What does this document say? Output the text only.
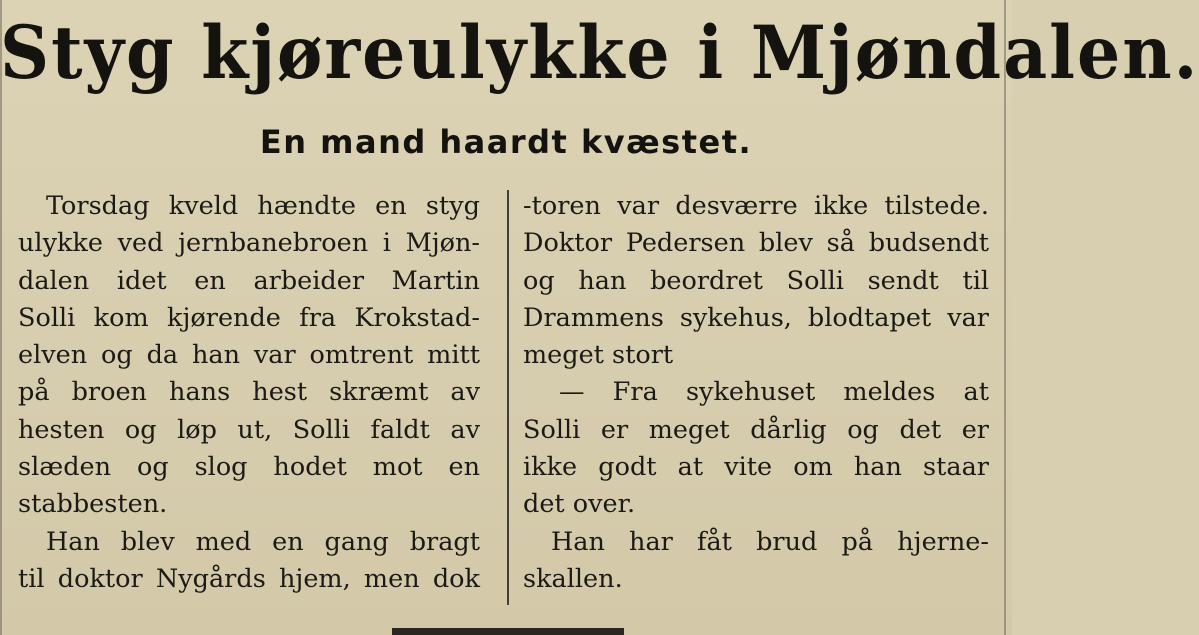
Styg kjøreulykke i Mjøndalen.
En mand haardt kvæstet.
Torsdag kveld hændte en styg
ulykke ved jernbanebroen i Mjøn-
dalen idet en arbeider Martin
Solli kom kjørende fra Krokstad-
elven og da han var omtrent mitt
på broen hans hest skræmt av
hesten og løp ut, Solli faldt av
slæden og slog hodet mot en
stabbesten.
Han blev med en gang bragt
til doktor Nygårds hjem, men dok
-toren var desværre ikke tilstede.
Doktor Pedersen blev så budsendt
og han beordret Solli sendt til
Drammens sykehus, blodtapet var
meget stort
— Fra sykehuset meldes at
Solli er meget dårlig og det er
ikke godt at vite om han staar
det over.
Han har fåt brud på hjerne-
skallen.
